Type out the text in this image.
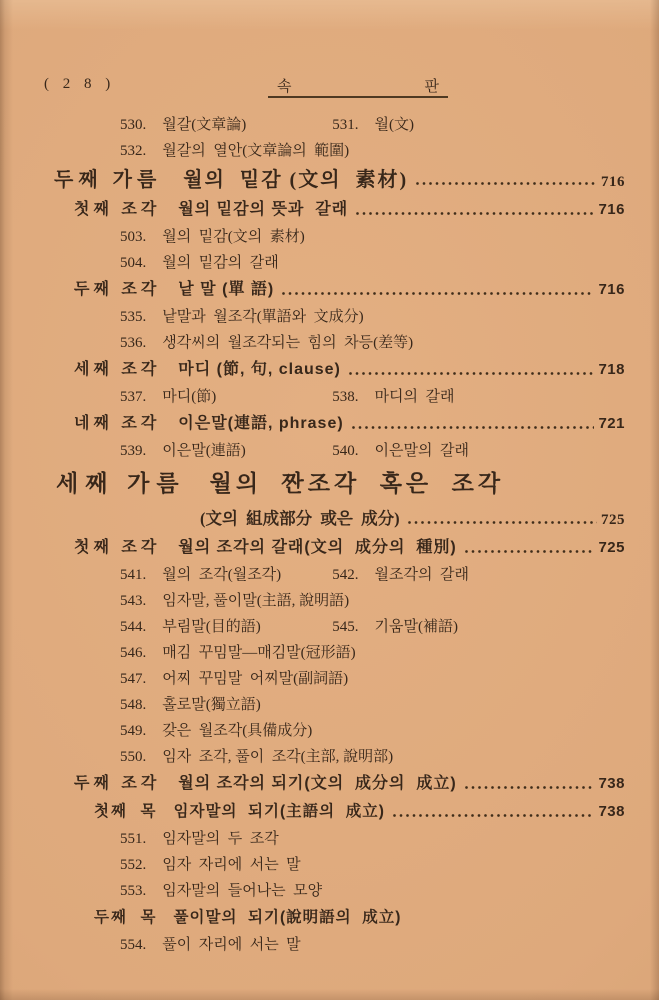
( 2 8 )	속	판
530. 월갈(文章論)	531. 월(文)
532. 월갈의  열안(文章論의  範圍)
두째 가름 월의  밑감 (文의  素材)	716
첫째 조각 월의 밑감의 뜻과  갈래	716
503. 월의  밑감(文의  素材)
504. 월의  밑감의  갈래
두째 조각 낱 말 (單 語)	716
535. 낱말과  월조각(單語와  文成分)
536. 생각씨의  월조각되는  힘의  차등(差等)
세째 조각 마디 (節, 句, clause)	718
537. 마디(節)	538. 마디의  갈래
네째 조각 이은말(連語, phrase)	721
539. 이은말(連語)	540. 이은말의  갈래
세째 가름 월의  짠조각  혹은  조각
(文의  組成部分  或은  成分)	725
첫째 조각 월의 조각의 갈래(文의  成分의  種別)	725
541. 월의  조각(월조각)	542. 월조각의  갈래
543. 임자말, 풀이말(主語, 說明語)
544. 부림말(目的語)	545. 기움말(補語)
546. 매김  꾸밈말—매김말(冠形語)
547. 어찌  꾸밈말  어찌말(副詞語)
548. 홀로말(獨立語)
549. 갖은  월조각(具備成分)
550. 임자  조각, 풀이  조각(主部, 說明部)
두째 조각 월의 조각의 되기(文의  成分의  成立)	738
첫째  목 임자말의  되기(主語의  成立)	738
551. 임자말의  두  조각
552. 임자  자리에  서는  말
553. 임자말의  들어나는  모양
두째  목 풀이말의  되기(說明語의  成立)
554. 풀이  자리에  서는  말
